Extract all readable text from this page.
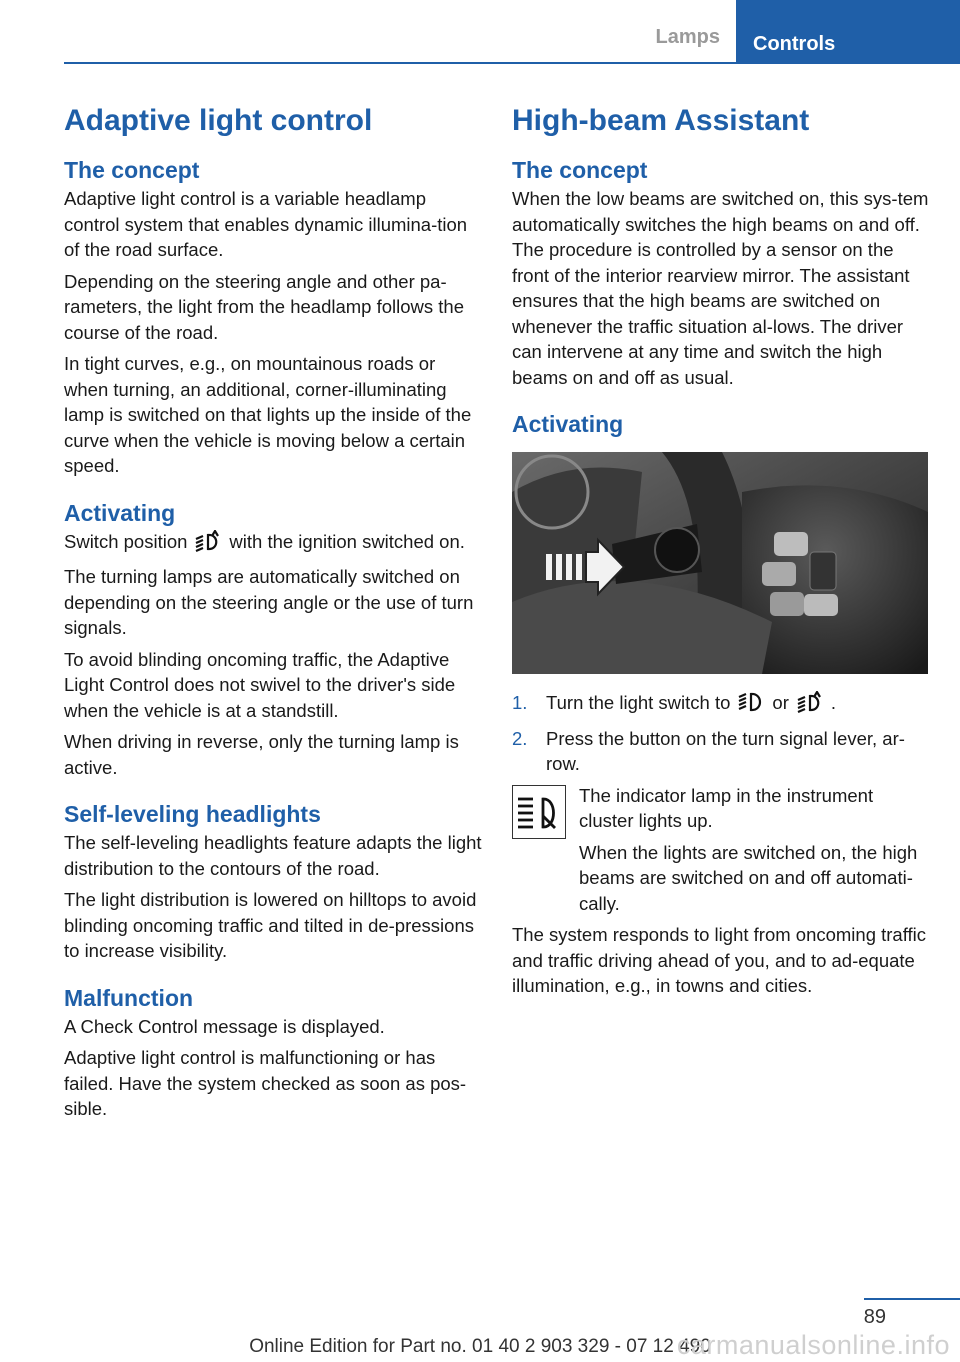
Lamps	Controls
Adaptive light control
The concept

Adaptive light control is a variable headlamp control system that enables dynamic illumina-tion of the road surface.

Depending on the steering angle and other pa-rameters, the light from the headlamp follows the course of the road.

In tight curves, e.g., on mountainous roads or when turning, an additional, corner-illuminating lamp is switched on that lights up the inside of the curve when the vehicle is moving below a certain speed.

Activating

Switch position with the ignition switched on.

The turning lamps are automatically switched on depending on the steering angle or the use of turn signals.

To avoid blinding oncoming traffic, the Adaptive Light Control does not swivel to the driver's side when the vehicle is at a standstill.

When driving in reverse, only the turning lamp is active.

Self-leveling headlights

The self-leveling headlights feature adapts the light distribution to the contours of the road.

The light distribution is lowered on hilltops to avoid blinding oncoming traffic and tilted in de-pressions to increase visibility.

Malfunction

A Check Control message is displayed.

Adaptive light control is malfunctioning or has failed. Have the system checked as soon as pos-sible.

High-beam Assistant
The concept

When the low beams are switched on, this sys-tem automatically switches the high beams on and off. The procedure is controlled by a sensor on the front of the interior rearview mirror. The assistant ensures that the high beams are switched on whenever the traffic situation al-lows. The driver can intervene at any time and switch the high beams on and off as usual.

Activating
1. Turn the light switch to or .
2. Press the button on the turn signal lever, ar-row.

The indicator lamp in the instrument cluster lights up.

When the lights are switched on, the high beams are switched on and off automati-cally.

The system responds to light from oncoming traffic and traffic driving ahead of you, and to ad-equate illumination, e.g., in towns and cities.

89
Online Edition for Part no. 01 40 2 903 329 - 07 12 490
carmanualsonline.info
